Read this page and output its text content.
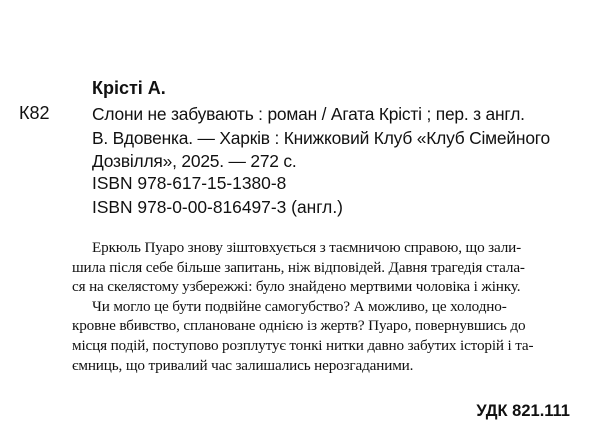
Крісті А.
К82 Слони не забувають : роман / Агата Крісті ; пер. з англ.
В. Вдовенка. — Харків : Книжковий Клуб «Клуб Сімейного
Дозвілля», 2025. — 272 с.
ISBN 978-617-15-1380-8
ISBN 978-0-00-816497-3 (англ.)
Еркюль Пуаро знову зіштовхується з таємничою справою, що зали-
шила після себе більше запитань, ніж відповідей. Давня трагедія стала-
ся на скелястому узбережжі: було знайдено мертвими чоловіка і жінку.
Чи могло це бути подвійне самогубство? А можливо, це холодно-
кровне вбивство, сплановане однією із жертв? Пуаро, повернувшись до
місця подій, поступово розплутує тонкі нитки давно забутих історій і та-
ємниць, що тривалий час залишались нерозгаданими.
УДК 821.111
